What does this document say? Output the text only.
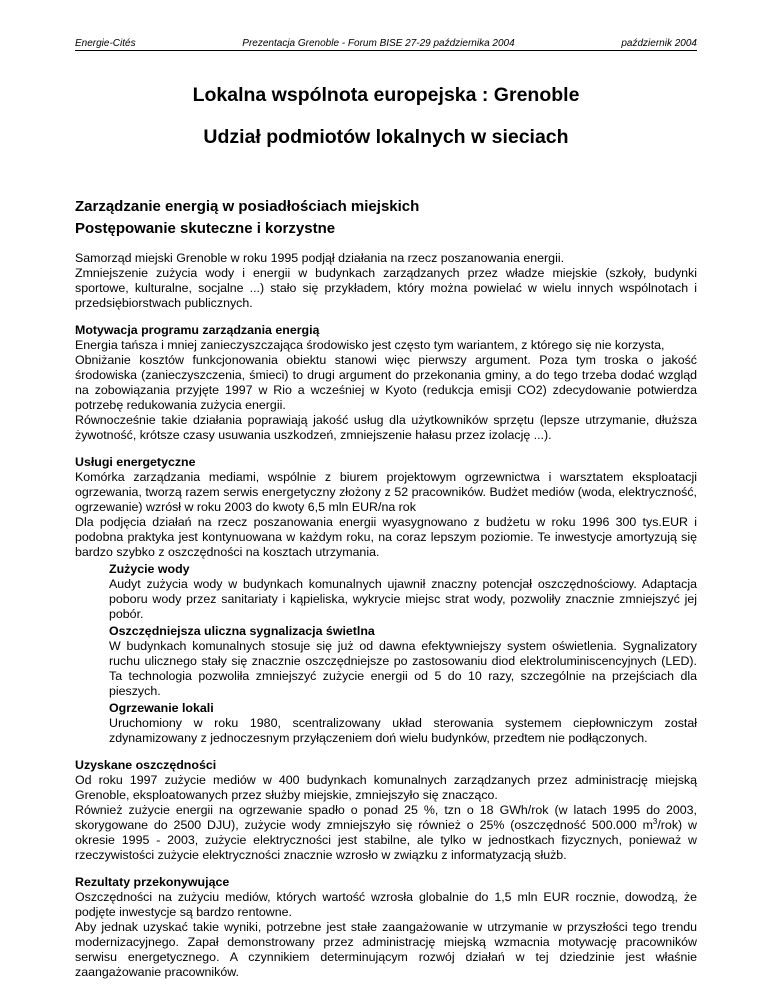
Energie-Cités	Prezentacja Grenoble - Forum BISE 27-29 października 2004	październik 2004
Lokalna wspólnota europejska : Grenoble
Udział podmiotów lokalnych w sieciach
Zarządzanie energią w posiadłościach miejskich
Postępowanie skuteczne i korzystne

Samorząd miejski Grenoble w roku 1995 podjął działania na rzecz poszanowania energii.

Zmniejszenie zużycia wody i energii w budynkach zarządzanych przez władze miejskie (szkoły, budynki sportowe, kulturalne, socjalne ...) stało się przykładem, który można powielać w wielu innych wspólnotach i przedsiębiorstwach publicznych.

Motywacja programu zarządzania energią

Energia tańsza i mniej zanieczyszczająca środowisko jest często tym wariantem, z którego się nie korzysta,

Obniżanie kosztów funkcjonowania obiektu stanowi więc pierwszy argument. Poza tym troska o jakość środowiska (zanieczyszczenia, śmieci) to drugi argument do przekonania gminy, a do tego trzeba dodać wzgląd na zobowiązania przyjęte 1997 w Rio a wcześniej w Kyoto (redukcja emisji CO2) zdecydowanie potwierdza potrzebę redukowania zużycia energii.

Równocześnie takie działania poprawiają jakość usług dla użytkowników sprzętu (lepsze utrzymanie, dłuższa żywotność, krótsze czasy usuwania uszkodzeń, zmniejszenie hałasu przez izolację ...).

Usługi energetyczne

Komórka zarządzania mediami, wspólnie z biurem projektowym ogrzewnictwa i warsztatem eksploatacji ogrzewania, tworzą razem serwis energetyczny złożony z 52 pracowników. Budżet mediów (woda, elektryczność, ogrzewanie) wzrósł w roku 2003 do kwoty 6,5 mln EUR/na rok

Dla podjęcia działań na rzecz poszanowania energii wyasygnowano z budżetu w roku 1996 300 tys.EUR i podobna praktyka jest kontynuowana w każdym roku, na coraz lepszym poziomie. Te inwestycje amortyzują się bardzo szybko z oszczędności na kosztach utrzymania.

Zużycie wody

Audyt zużycia wody w budynkach komunalnych ujawnił znaczny potencjał oszczędnościowy. Adaptacja poboru wody przez sanitariaty i kąpieliska, wykrycie miejsc strat wody, pozwoliły znacznie zmniejszyć jej pobór.

Oszczędniejsza uliczna sygnalizacja świetlna

W budynkach komunalnych stosuje się już od dawna efektywniejszy system oświetlenia. Sygnalizatory ruchu ulicznego stały się znacznie oszczędniejsze po zastosowaniu diod elektroluminiscencyjnych (LED). Ta technologia pozwoliła zmniejszyć zużycie energii od 5 do 10 razy, szczególnie na przejściach dla pieszych.

Ogrzewanie lokali

Uruchomiony w roku 1980, scentralizowany układ sterowania systemem ciepłowniczym został zdynamizowany z jednoczesnym przyłączeniem doń wielu budynków, przedtem nie podłączonych.

Uzyskane oszczędności

Od roku 1997 zużycie mediów w 400 budynkach komunalnych zarządzanych przez administrację miejską Grenoble, eksploatowanych przez służby miejskie, zmniejszyło się znacząco.

Również zużycie energii na ogrzewanie spadło o ponad 25 %, tzn o 18 GWh/rok (w latach 1995 do 2003, skorygowane do 2500 DJU), zużycie wody zmniejszyło się również o 25% (oszczędność 500.000 $m^3/rok$) w okresie 1995 - 2003, zużycie elektryczności jest stabilne, ale tylko w jednostkach fizycznych, ponieważ w rzeczywistości zużycie elektryczności znacznie wzrosło w związku z informatyzacją służb.

Rezultaty przekonywujące

Oszczędności na zużyciu mediów, których wartość wzrosła globalnie do 1,5 mln EUR rocznie, dowodzą, że podjęte inwestycje są bardzo rentowne.

Aby jednak uzyskać takie wyniki, potrzebne jest stałe zaangażowanie w utrzymanie w przyszłości tego trendu modernizacyjnego. Zapał demonstrowany przez administrację miejską wzmacnia motywację pracowników serwisu energetycznego. A czynnikiem determinującym rozwój działań w tej dziedzinie jest właśnie zaangażowanie pracowników.
